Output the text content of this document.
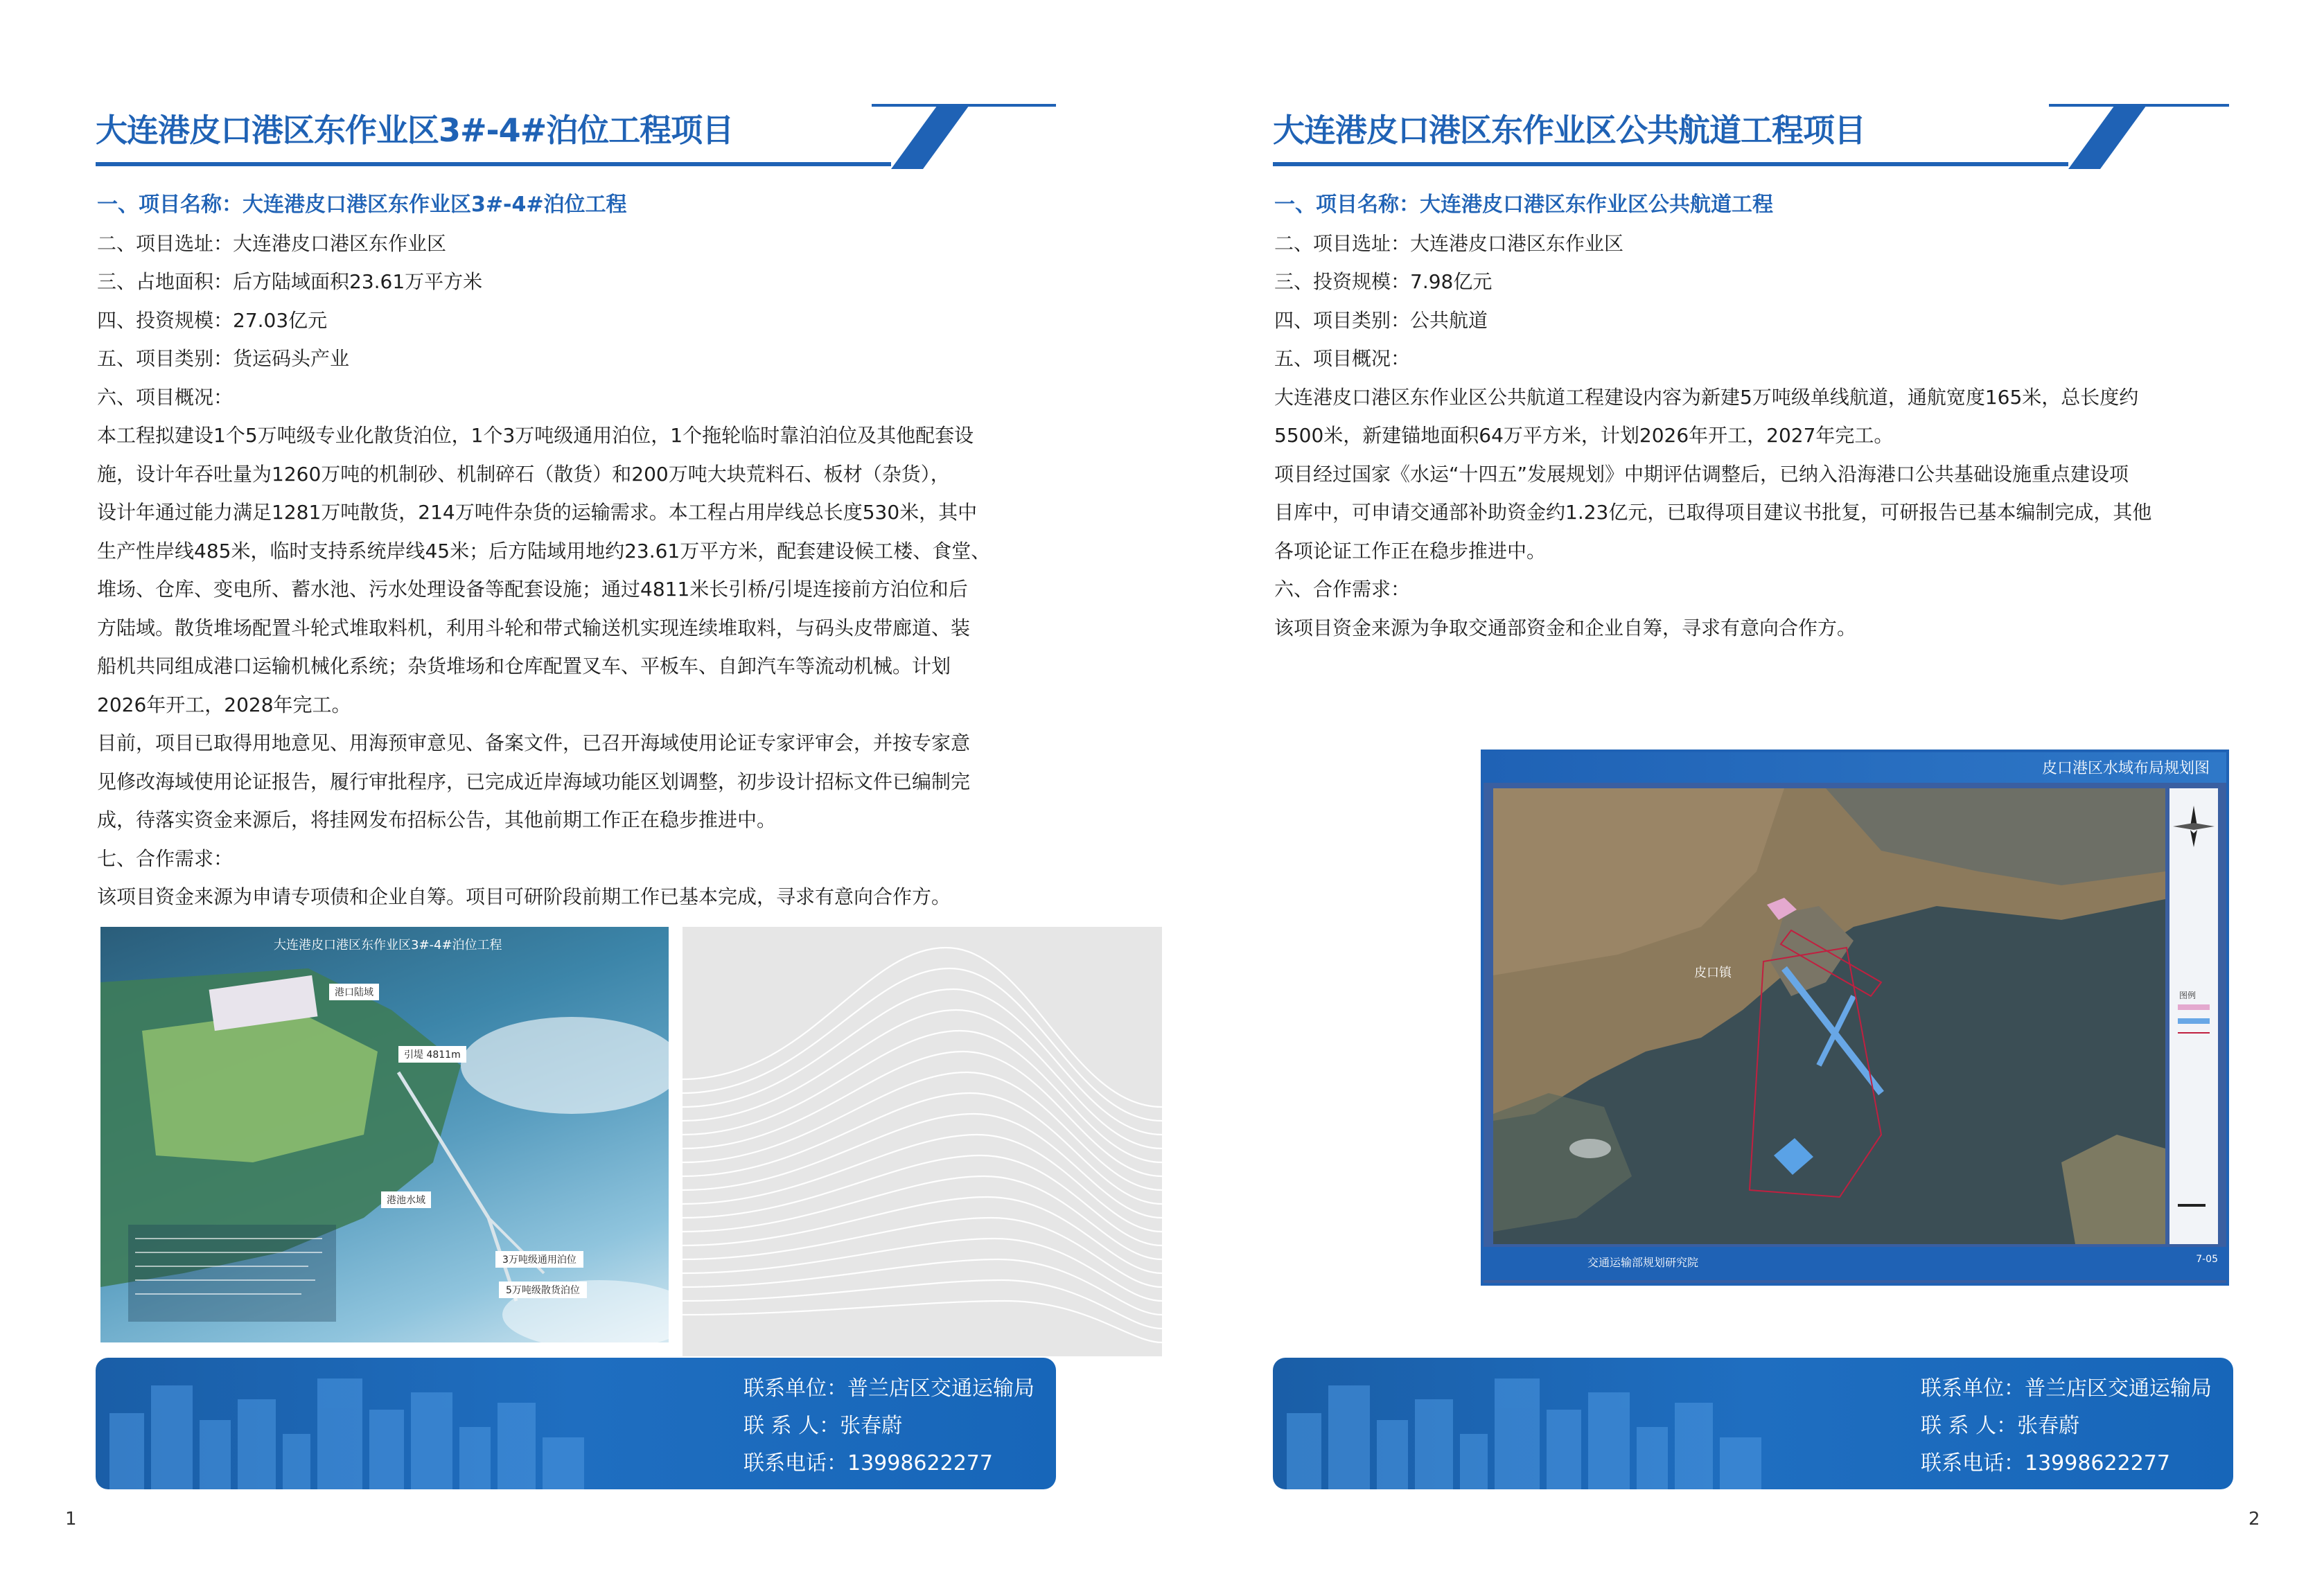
大连港皮口港区东作业区3#-4#泊位工程项目
一、项目名称：大连港皮口港区东作业区3#-4#泊位工程
二、项目选址：大连港皮口港区东作业区
三、占地面积：后方陆域面积23.61万平方米
四、投资规模：27.03亿元
五、项目类别：货运码头产业
六、项目概况：
本工程拟建设1个5万吨级专业化散货泊位，1个3万吨级通用泊位，1个拖轮临时靠泊泊位及其他配套设
施，设计年吞吐量为1260万吨的机制砂、机制碎石（散货）和200万吨大块荒料石、板材（杂货），
设计年通过能力满足1281万吨散货，214万吨件杂货的运输需求。本工程占用岸线总长度530米，其中
生产性岸线485米，临时支持系统岸线45米；后方陆域用地约23.61万平方米，配套建设候工楼、食堂、
堆场、仓库、变电所、蓄水池、污水处理设备等配套设施；通过4811米长引桥/引堤连接前方泊位和后
方陆域。散货堆场配置斗轮式堆取料机，利用斗轮和带式输送机实现连续堆取料，与码头皮带廊道、装
船机共同组成港口运输机械化系统；杂货堆场和仓库配置叉车、平板车、自卸汽车等流动机械。计划
2026年开工，2028年完工。
目前，项目已取得用地意见、用海预审意见、备案文件，已召开海域使用论证专家评审会，并按专家意
见修改海域使用论证报告，履行审批程序，已完成近岸海域功能区划调整，初步设计招标文件已编制完
成，待落实资金来源后，将挂网发布招标公告，其他前期工作正在稳步推进中。
七、合作需求：
该项目资金来源为申请专项债和企业自筹。项目可研阶段前期工作已基本完成，寻求有意向合作方。
大连港皮口港区东作业区3#-4#泊位工程
港口陆域
引堤 4811m
港池水域
3万吨级通用泊位
5万吨级散货泊位
联系单位：普兰店区交通运输局
联 系 人：张春蔚
联系电话：13998622277
1
大连港皮口港区东作业区公共航道工程项目
一、项目名称：大连港皮口港区东作业区公共航道工程
二、项目选址：大连港皮口港区东作业区
三、投资规模：7.98亿元
四、项目类别：公共航道
五、项目概况：
大连港皮口港区东作业区公共航道工程建设内容为新建5万吨级单线航道，通航宽度165米，总长度约
5500米，新建锚地面积64万平方米，计划2026年开工，2027年完工。
项目经过国家《水运“十四五”发展规划》中期评估调整后，已纳入沿海港口公共基础设施重点建设项
目库中，可申请交通部补助资金约1.23亿元，已取得项目建议书批复，可研报告已基本编制完成，其他
各项论证工作正在稳步推进中。
六、合作需求：
该项目资金来源为争取交通部资金和企业自筹，寻求有意向合作方。
皮口港区水域布局规划图
皮口镇
图例
交通运输部规划研究院	7-05
联系单位：普兰店区交通运输局
联 系 人：张春蔚
联系电话：13998622277
2
